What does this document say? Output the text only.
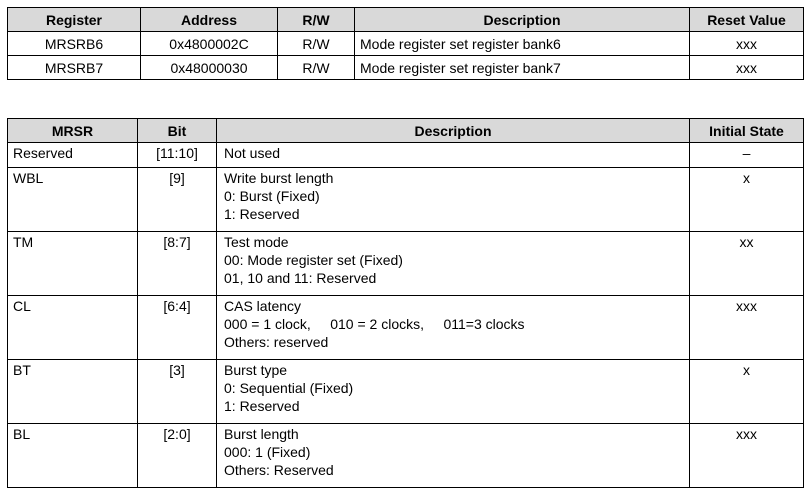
Register	Address	R/W	Description	Reset Value
MRSRB6	0x4800002C	R/W	Mode register set register bank6	xxx
MRSRB7	0x48000030	R/W	Mode register set register bank7	xxx
MRSR	Bit	Description	Initial State
Reserved	[11:10]	Not used	–
WBL	[9]	Write burst length
0: Burst (Fixed)
1: Reserved	x
TM	[8:7]	Test mode
00: Mode register set (Fixed)
01, 10 and 11: Reserved	xx
CL	[6:4]	CAS latency
000 = 1 clock,     010 = 2 clocks,     011=3 clocks
Others: reserved	xxx
BT	[3]	Burst type
0: Sequential (Fixed)
1: Reserved	x
BL	[2:0]	Burst length
000: 1 (Fixed)
Others: Reserved	xxx
